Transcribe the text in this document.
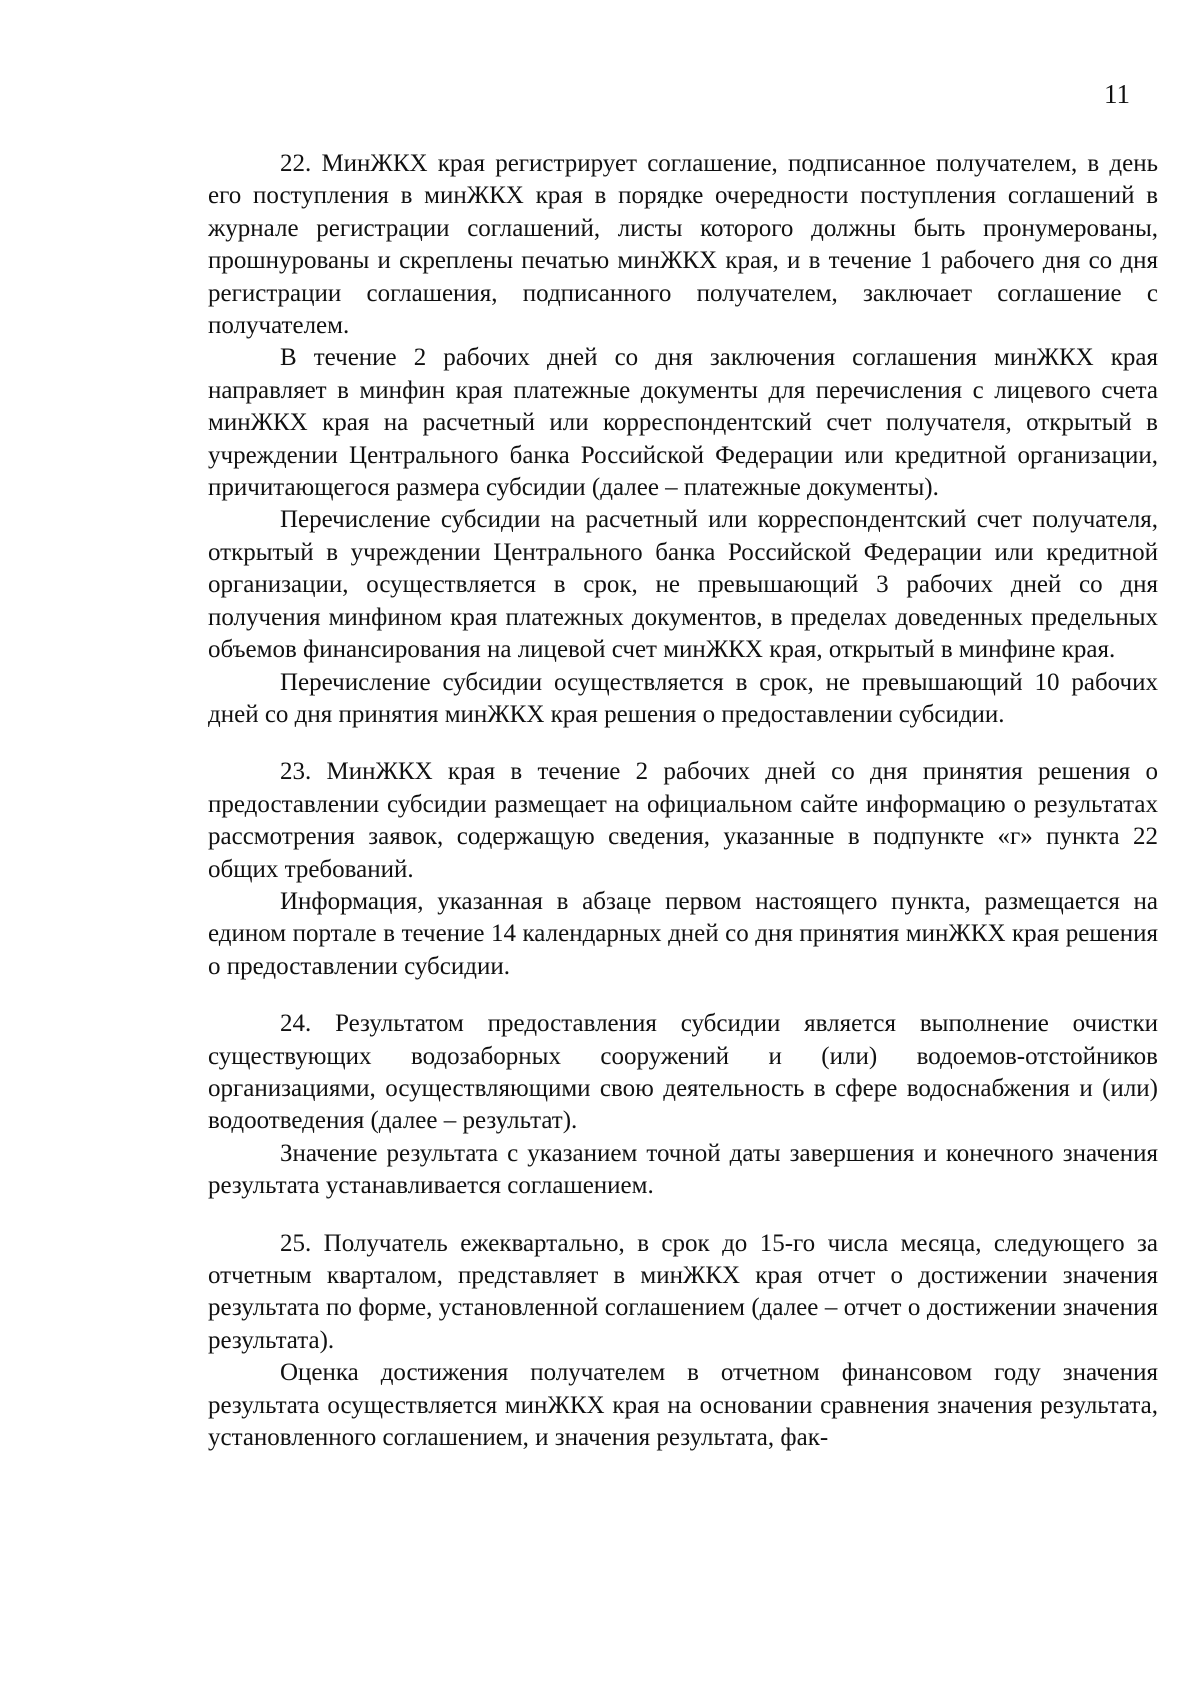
11

22. МинЖКХ края регистрирует соглашение, подписанное получателем, в день его поступления в минЖКХ края в порядке очередности поступления соглашений в журнале регистрации соглашений, листы которого должны быть пронумерованы, прошнурованы и скреплены печатью минЖКХ края, и в течение 1 рабочего дня со дня регистрации соглашения, подписанного получателем, заключает соглашение с получателем.

В течение 2 рабочих дней со дня заключения соглашения минЖКХ края направляет в минфин края платежные документы для перечисления с лицевого счета минЖКХ края на расчетный или корреспондентский счет получателя, открытый в учреждении Центрального банка Российской Федерации или кредитной организации, причитающегося размера субсидии (далее – платежные документы).

Перечисление субсидии на расчетный или корреспондентский счет получателя, открытый в учреждении Центрального банка Российской Федерации или кредитной организации, осуществляется в срок, не превышающий 3 рабочих дней со дня получения минфином края платежных документов, в пределах доведенных предельных объемов финансирования на лицевой счет минЖКХ края, открытый в минфине края.

Перечисление субсидии осуществляется в срок, не превышающий 10 рабочих дней со дня принятия минЖКХ края решения о предоставлении субсидии.

23. МинЖКХ края в течение 2 рабочих дней со дня принятия решения о предоставлении субсидии размещает на официальном сайте информацию о результатах рассмотрения заявок, содержащую сведения, указанные в подпункте «г» пункта 22 общих требований.

Информация, указанная в абзаце первом настоящего пункта, размещается на едином портале в течение 14 календарных дней со дня принятия минЖКХ края решения о предоставлении субсидии.

24. Результатом предоставления субсидии является выполнение очистки существующих водозаборных сооружений и (или) водоемов-отстойников организациями, осуществляющими свою деятельность в сфере водоснабжения и (или) водоотведения (далее – результат).

Значение результата с указанием точной даты завершения и конечного значения результата устанавливается соглашением.

25. Получатель ежеквартально, в срок до 15-го числа месяца, следующего за отчетным кварталом, представляет в минЖКХ края отчет о достижении значения результата по форме, установленной соглашением (далее – отчет о достижении значения результата).

Оценка достижения получателем в отчетном финансовом году значения результата осуществляется минЖКХ края на основании сравнения значения результата, установленного соглашением, и значения результата, фак-
